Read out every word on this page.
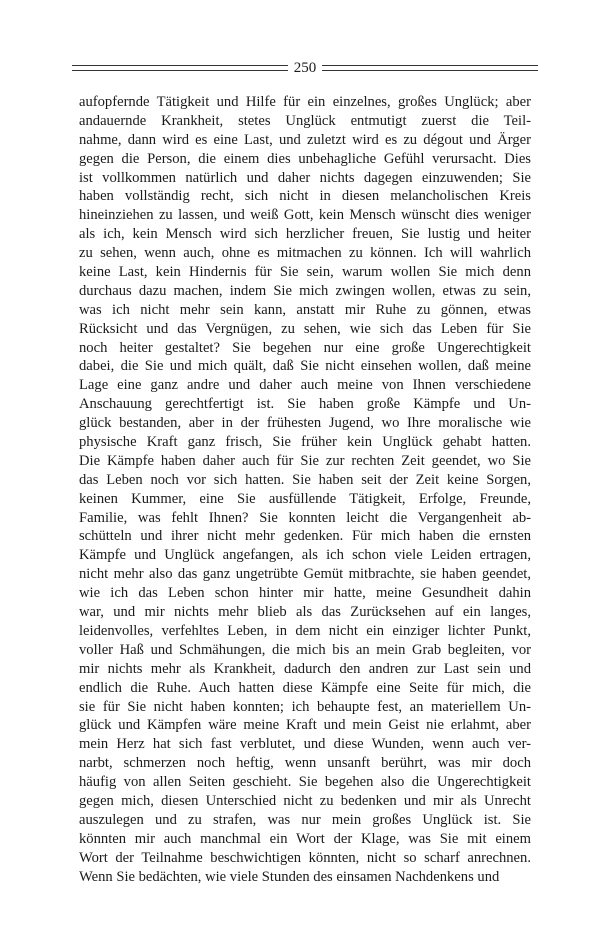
250
aufopfernde Tätigkeit und Hilfe für ein einzelnes, großes Unglück; aber
andauernde Krankheit, stetes Unglück entmutigt zuerst die Teil-
nahme, dann wird es eine Last, und zuletzt wird es zu dégout und Ärger
gegen die Person, die einem dies unbehagliche Gefühl verursacht. Dies
ist vollkommen natürlich und daher nichts dagegen einzuwenden; Sie
haben vollständig recht, sich nicht in diesen melancholischen Kreis
hineinziehen zu lassen, und weiß Gott, kein Mensch wünscht dies weniger
als ich, kein Mensch wird sich herzlicher freuen, Sie lustig und heiter
zu sehen, wenn auch, ohne es mitmachen zu können. Ich will wahrlich
keine Last, kein Hindernis für Sie sein, warum wollen Sie mich denn
durchaus dazu machen, indem Sie mich zwingen wollen, etwas zu sein,
was ich nicht mehr sein kann, anstatt mir Ruhe zu gönnen, etwas
Rücksicht und das Vergnügen, zu sehen, wie sich das Leben für Sie
noch heiter gestaltet? Sie begehen nur eine große Ungerechtigkeit
dabei, die Sie und mich quält, daß Sie nicht einsehen wollen, daß meine
Lage eine ganz andre und daher auch meine von Ihnen verschiedene
Anschauung gerechtfertigt ist. Sie haben große Kämpfe und Un-
glück bestanden, aber in der frühesten Jugend, wo Ihre moralische wie
physische Kraft ganz frisch, Sie früher kein Unglück gehabt hatten.
Die Kämpfe haben daher auch für Sie zur rechten Zeit geendet, wo Sie
das Leben noch vor sich hatten. Sie haben seit der Zeit keine Sorgen,
keinen Kummer, eine Sie ausfüllende Tätigkeit, Erfolge, Freunde,
Familie, was fehlt Ihnen? Sie konnten leicht die Vergangenheit ab-
schütteln und ihrer nicht mehr gedenken. Für mich haben die ernsten
Kämpfe und Unglück angefangen, als ich schon viele Leiden ertragen,
nicht mehr also das ganz ungetrübte Gemüt mitbrachte, sie haben geendet,
wie ich das Leben schon hinter mir hatte, meine Gesundheit dahin
war, und mir nichts mehr blieb als das Zurücksehen auf ein langes,
leidenvolles, verfehltes Leben, in dem nicht ein einziger lichter Punkt,
voller Haß und Schmähungen, die mich bis an mein Grab begleiten, vor
mir nichts mehr als Krankheit, dadurch den andren zur Last sein und
endlich die Ruhe. Auch hatten diese Kämpfe eine Seite für mich, die
sie für Sie nicht haben konnten; ich behaupte fest, an materiellem Un-
glück und Kämpfen wäre meine Kraft und mein Geist nie erlahmt, aber
mein Herz hat sich fast verblutet, und diese Wunden, wenn auch ver-
narbt, schmerzen noch heftig, wenn unsanft berührt, was mir doch
häufig von allen Seiten geschieht. Sie begehen also die Ungerechtigkeit
gegen mich, diesen Unterschied nicht zu bedenken und mir als Unrecht
auszulegen und zu strafen, was nur mein großes Unglück ist. Sie
könnten mir auch manchmal ein Wort der Klage, was Sie mit einem
Wort der Teilnahme beschwichtigen könnten, nicht so scharf anrechnen.
Wenn Sie bedächten, wie viele Stunden des einsamen Nachdenkens und
